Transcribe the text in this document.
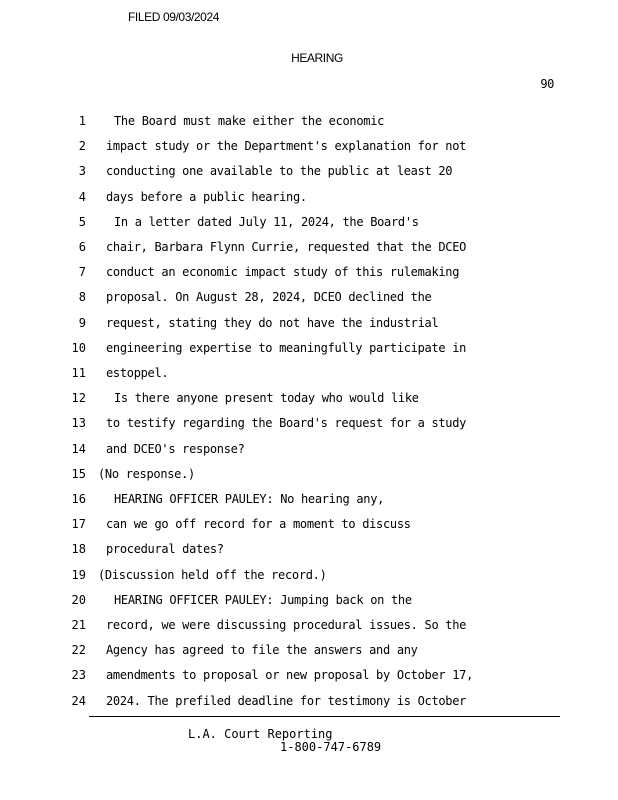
FILED 09/03/2024
HEARING
90
1 The Board must make either the economic
2 impact study or the Department's explanation for not
3 conducting one available to the public at least 20
4 days before a public hearing.
5 In a letter dated July 11, 2024, the Board's
6 chair, Barbara Flynn Currie, requested that the DCEO
7 conduct an economic impact study of this rulemaking
8 proposal. On August 28, 2024, DCEO declined the
9 request, stating they do not have the industrial
10 engineering expertise to meaningfully participate in
11 estoppel.
12 Is there anyone present today who would like
13 to testify regarding the Board's request for a study
14 and DCEO's response?
15 (No response.)
16 HEARING OFFICER PAULEY: No hearing any,
17 can we go off record for a moment to discuss
18 procedural dates?
19 (Discussion held off the record.)
20 HEARING OFFICER PAULEY: Jumping back on the
21 record, we were discussing procedural issues. So the
22 Agency has agreed to file the answers and any
23 amendments to proposal or new proposal by October 17,
24 2024. The prefiled deadline for testimony is October
L.A. Court Reporting
1-800-747-6789
